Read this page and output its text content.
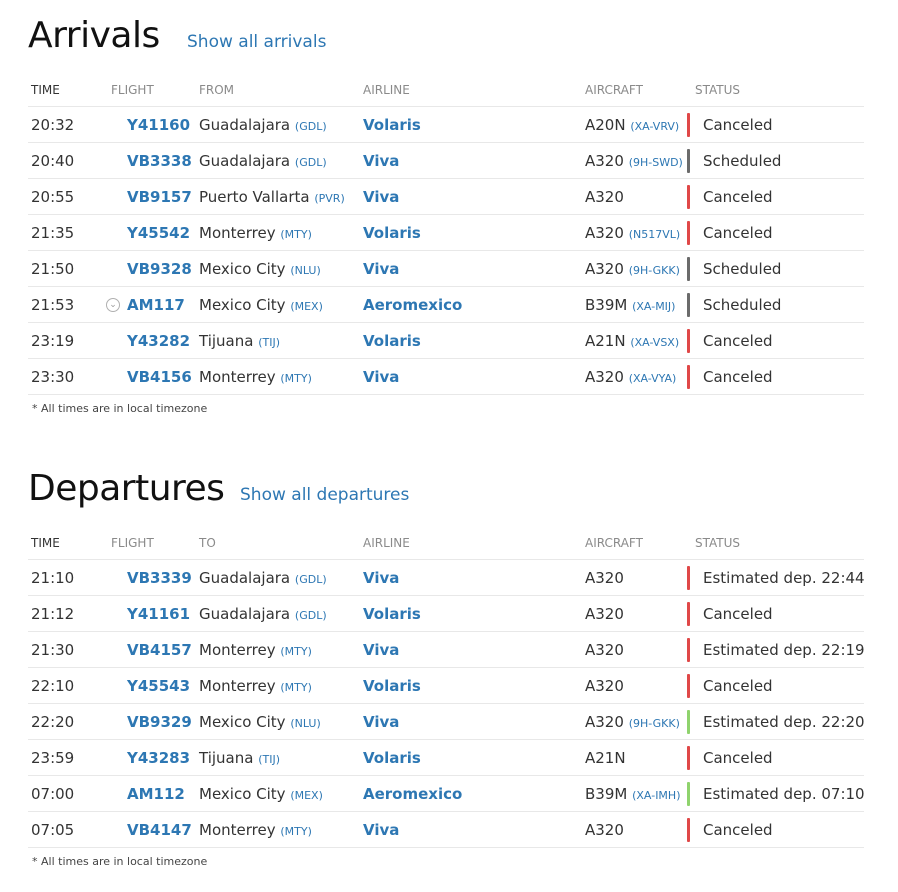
Arrivals Show all arrivals
TIME	FLIGHT	FROM	AIRLINE	AIRCRAFT	STATUS
20:32	Y41160	Guadalajara (GDL)	Volaris	A20N (XA-VRV)	Canceled

20:40	VB3338	Guadalajara (GDL)	Viva	A320 (9H-SWD)	Scheduled

20:55	VB9157	Puerto Vallarta (PVR)	Viva	A320	Canceled

21:35	Y45542	Monterrey (MTY)	Volaris	A320 (N517VL)	Canceled

21:50	VB9328	Mexico City (NLU)	Viva	A320 (9H-GKK)	Scheduled

21:53	⌄ AM117	Mexico City (MEX)	Aeromexico	B39M (XA-MIJ)	Scheduled

23:19	Y43282	Tijuana (TIJ)	Volaris	A21N (XA-VSX)	Canceled

23:30	VB4156	Monterrey (MTY)	Viva	A320 (XA-VYA)	Canceled
* All times are in local timezone
Departures Show all departures
TIME	FLIGHT	TO	AIRLINE	AIRCRAFT	STATUS
21:10	VB3339	Guadalajara (GDL)	Viva	A320	Estimated dep. 22:44

21:12	Y41161	Guadalajara (GDL)	Volaris	A320	Canceled

21:30	VB4157	Monterrey (MTY)	Viva	A320	Estimated dep. 22:19

22:10	Y45543	Monterrey (MTY)	Volaris	A320	Canceled

22:20	VB9329	Mexico City (NLU)	Viva	A320 (9H-GKK)	Estimated dep. 22:20

23:59	Y43283	Tijuana (TIJ)	Volaris	A21N	Canceled

07:00	AM112	Mexico City (MEX)	Aeromexico	B39M (XA-IMH)	Estimated dep. 07:10

07:05	VB4147	Monterrey (MTY)	Viva	A320	Canceled
* All times are in local timezone
